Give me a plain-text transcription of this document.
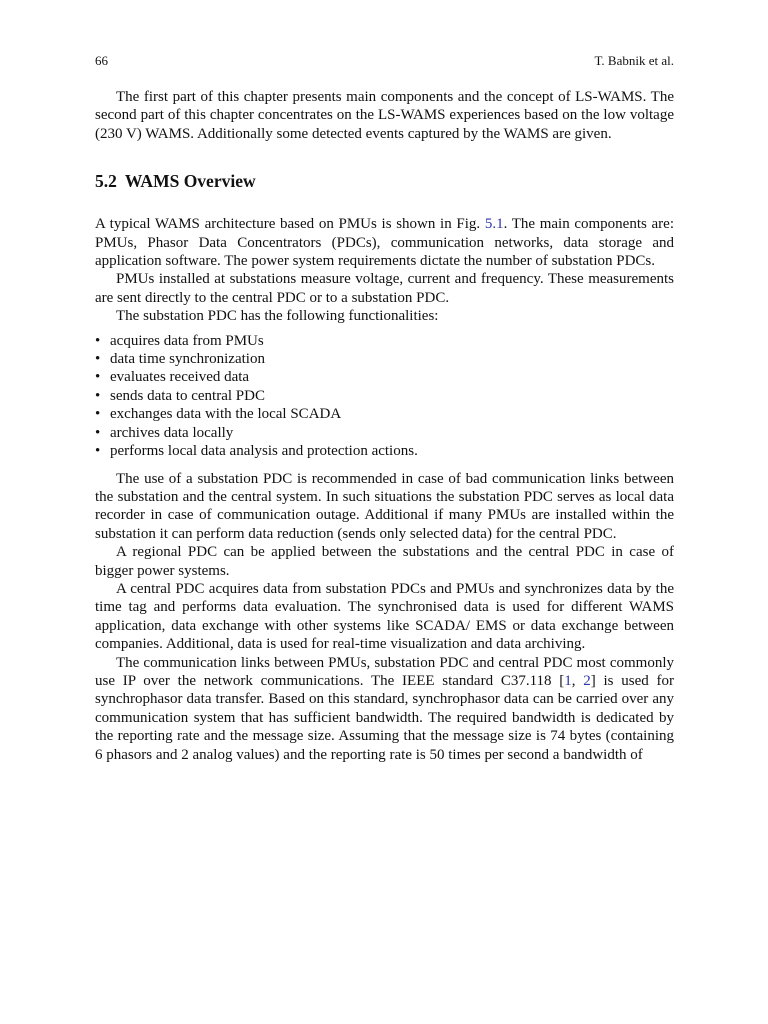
66	T. Babnik et al.

The first part of this chapter presents main components and the concept of LS-WAMS. The second part of this chapter concentrates on the LS-WAMS experiences based on the low voltage (230 V) WAMS. Additionally some detected events captured by the WAMS are given.

5.2 WAMS Overview

A typical WAMS architecture based on PMUs is shown in Fig. 5.1. The main components are: PMUs, Phasor Data Concentrators (PDCs), communication networks, data storage and application software. The power system requirements dictate the number of substation PDCs.

PMUs installed at substations measure voltage, current and frequency. These measurements are sent directly to the central PDC or to a substation PDC.

The substation PDC has the following functionalities:

• acquires data from PMUs
• data time synchronization
• evaluates received data
• sends data to central PDC
• exchanges data with the local SCADA
• archives data locally
• performs local data analysis and protection actions.

The use of a substation PDC is recommended in case of bad communication links between the substation and the central system. In such situations the substation PDC serves as local data recorder in case of communication outage. Additional if many PMUs are installed within the substation it can perform data reduction (sends only selected data) for the central PDC.

A regional PDC can be applied between the substations and the central PDC in case of bigger power systems.

A central PDC acquires data from substation PDCs and PMUs and synchronizes data by the time tag and performs data evaluation. The synchronised data is used for different WAMS application, data exchange with other systems like SCADA/ EMS or data exchange between companies. Additional, data is used for real-time visualization and data archiving.

The communication links between PMUs, substation PDC and central PDC most commonly use IP over the network communications. The IEEE standard C37.118 [1, 2] is used for synchrophasor data transfer. Based on this standard, synchrophasor data can be carried over any communication system that has sufficient bandwidth. The required bandwidth is dedicated by the reporting rate and the message size. Assuming that the message size is 74 bytes (containing 6 phasors and 2 analog values) and the reporting rate is 50 times per second a bandwidth of
